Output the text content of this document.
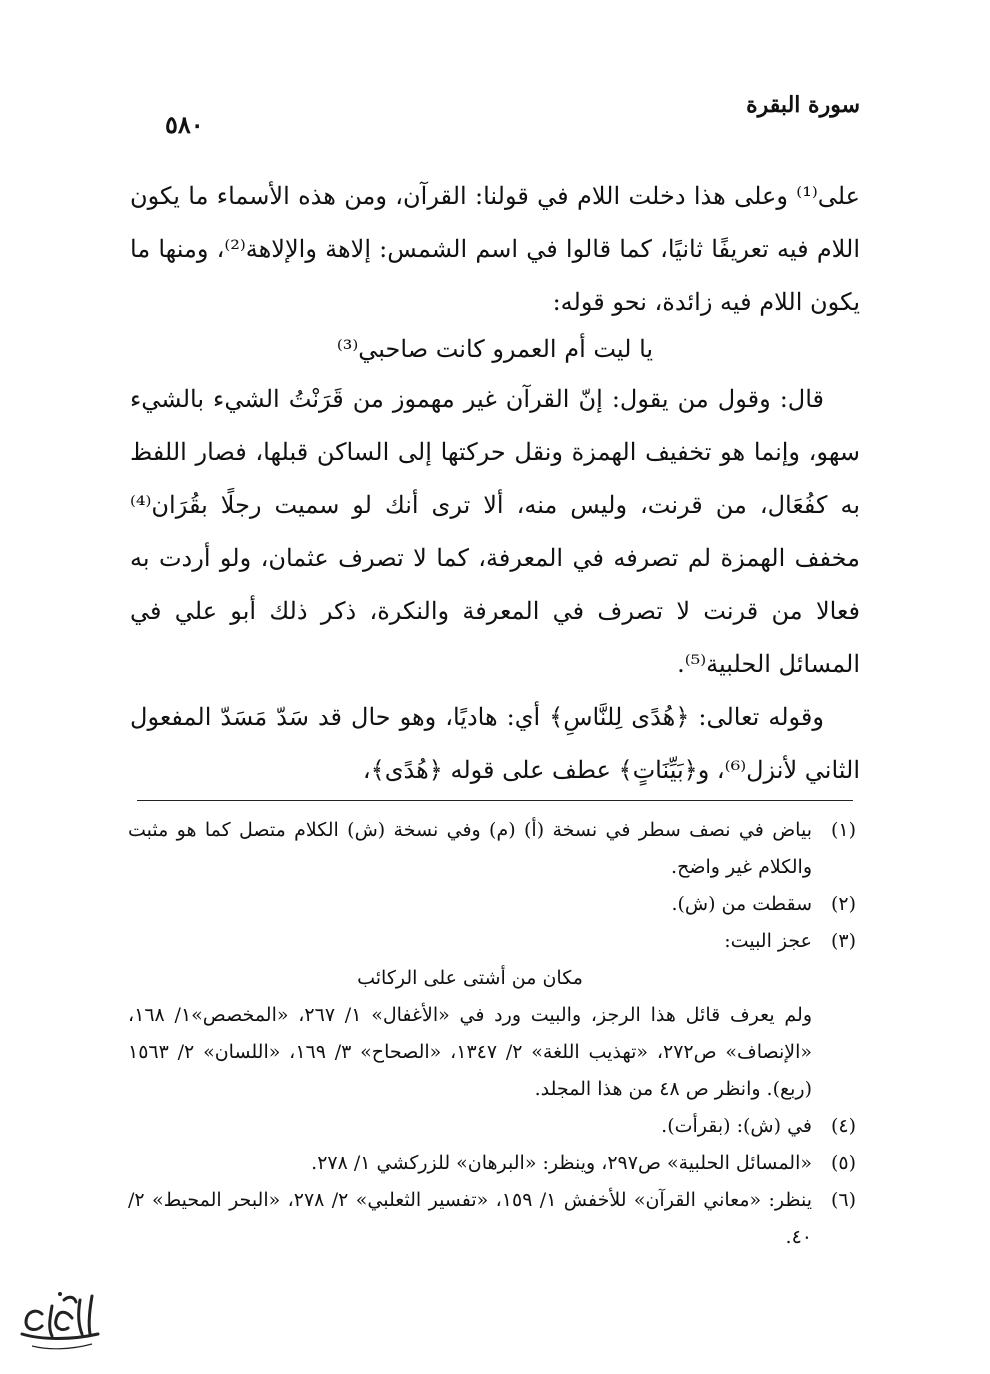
سورة البقرة
٥٨٠

على⁽¹⁾ وعلى هذا دخلت اللام في قولنا: القرآن، ومن هذه الأسماء ما يكون اللام فيه تعريفًا ثانيًا، كما قالوا في اسم الشمس: إلاهة والإلاهة⁽²⁾، ومنها ما يكون اللام فيه زائدة، نحو قوله:

يا ليت أم العمرو كانت صاحبي⁽³⁾

قال: وقول من يقول: إنّ القرآن غير مهموز من قَرَنْتُ الشيء بالشيء سهو، وإنما هو تخفيف الهمزة ونقل حركتها إلى الساكن قبلها، فصار اللفظ به كفُعَال، من قرنت، وليس منه، ألا ترى أنك لو سميت رجلًا بقُرَان⁽⁴⁾ مخفف الهمزة لم تصرفه في المعرفة، كما لا تصرف عثمان، ولو أردت به فعالا من قرنت لا تصرف في المعرفة والنكرة، ذكر ذلك أبو علي في المسائل الحلبية⁽⁵⁾.

وقوله تعالى: ﴿هُدًى لِلنَّاسِ﴾ أي: هاديًا، وهو حال قد سَدّ مَسَدّ المفعول الثاني لأنزل⁽⁶⁾، و﴿بَيِّنَاتٍ﴾ عطف على قوله ﴿هُدًى﴾،

(١)

بياض في نصف سطر في نسخة (أ) (م) وفي نسخة (ش) الكلام متصل كما هو مثبت والكلام غير واضح.

(٢)

سقطت من (ش).

(٣)

عجز البيت:

مكان من أشتى على الركائب

ولم يعرف قائل هذا الرجز، والبيت ورد في «الأغفال» ١/ ٢٦٧، «المخصص»١/ ١٦٨، «الإنصاف» ص٢٧٢، «تهذيب اللغة» ٢/ ١٣٤٧، «الصحاح» ٣/ ١٦٩، «اللسان» ٢/ ١٥٦٣ (ربع). وانظر ص ٤٨ من هذا المجلد.

(٤)

في (ش): (بقرأت).

(٥)

«المسائل الحلبية» ص٢٩٧، وينظر: «البرهان» للزركشي ١/ ٢٧٨.

(٦)

ينظر: «معاني القرآن» للأخفش ١/ ١٥٩، «تفسير الثعلبي» ٢/ ٢٧٨، «البحر المحيط» ٢/ ٤٠.
